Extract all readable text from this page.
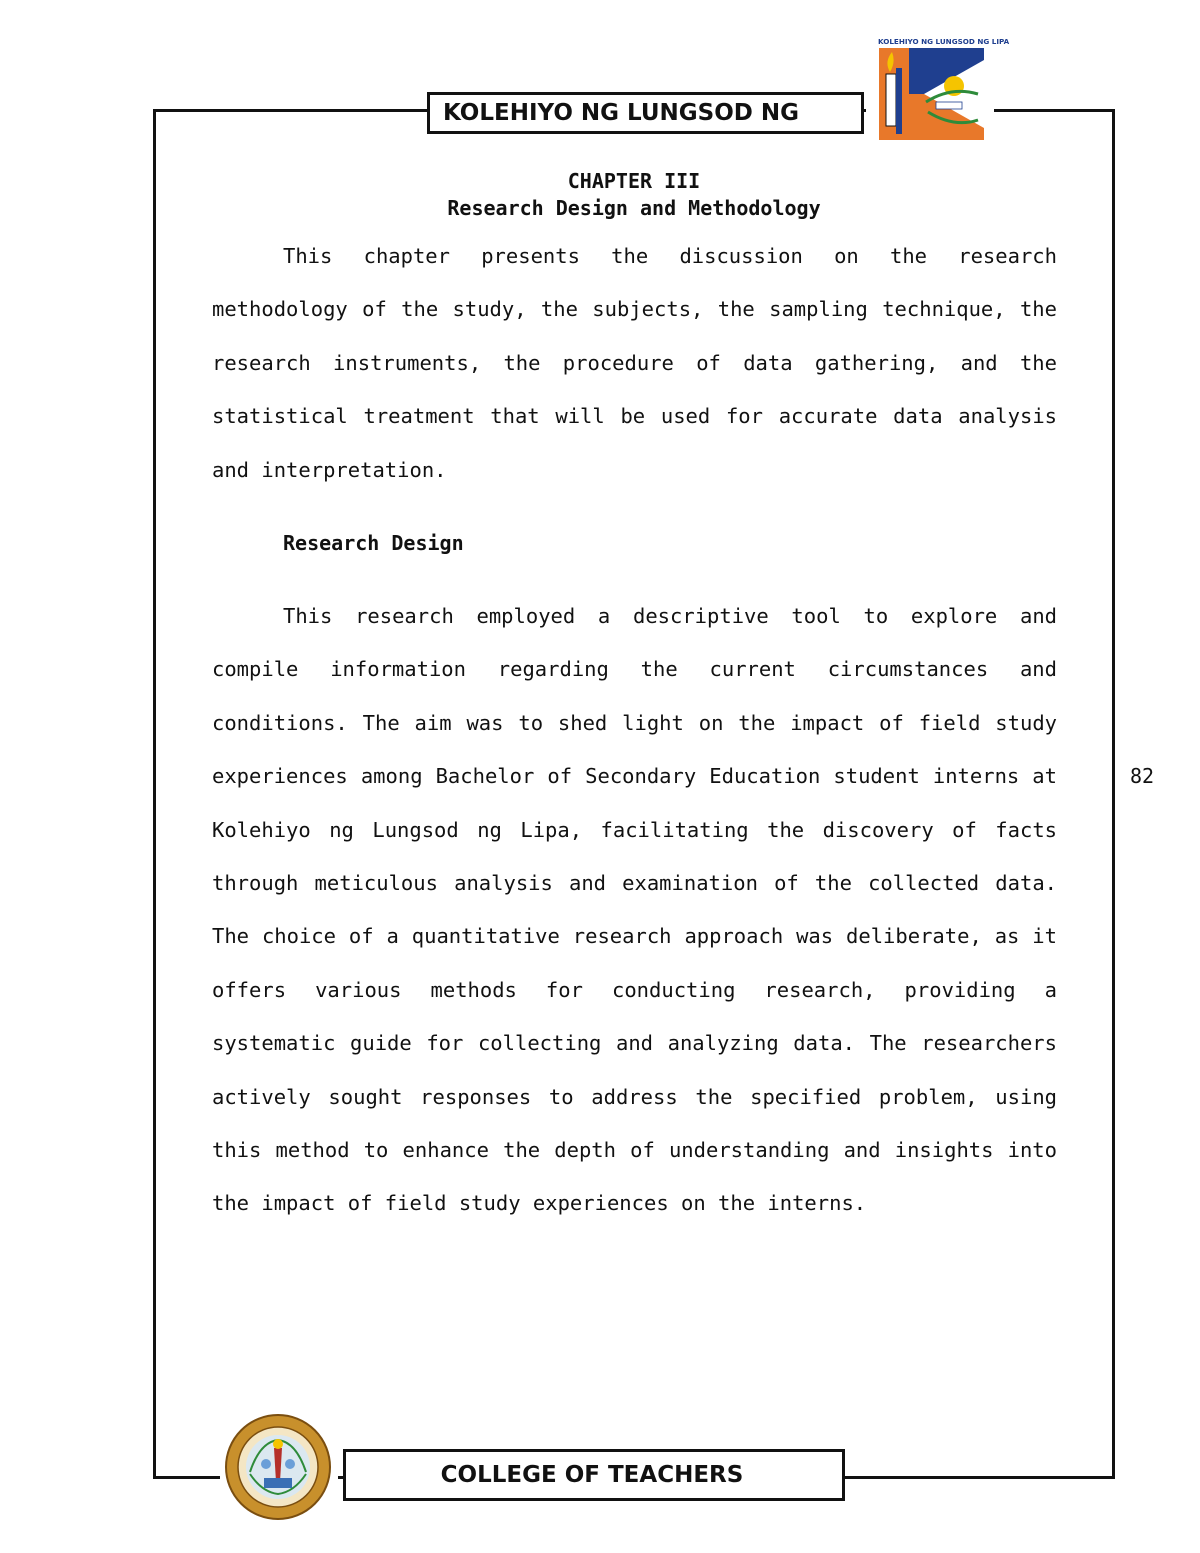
KOLEHIYO NG LUNGSOD NG
KOLEHIYO NG LUNGSOD NG LIPA
CHAPTER III
Research Design and Methodology

This chapter presents the discussion on the research methodology of the study, the subjects, the sampling technique, the research instruments, the procedure of data gathering, and the statistical treatment that will be used for accurate data analysis and interpretation.

Research Design

This research employed a descriptive tool to explore and compile information regarding the current circumstances and conditions. The aim was to shed light on the impact of field study experiences among Bachelor of Secondary Education student interns at Kolehiyo ng Lungsod ng Lipa, facilitating the discovery of facts through meticulous analysis and examination of the collected data. The choice of a quantitative research approach was deliberate, as it offers various methods for conducting research, providing a systematic guide for collecting and analyzing data. The researchers actively sought responses to address the specified problem, using this method to enhance the depth of understanding and insights into the impact of field study experiences on the interns.

82
COLLEGE OF TEACHERS
